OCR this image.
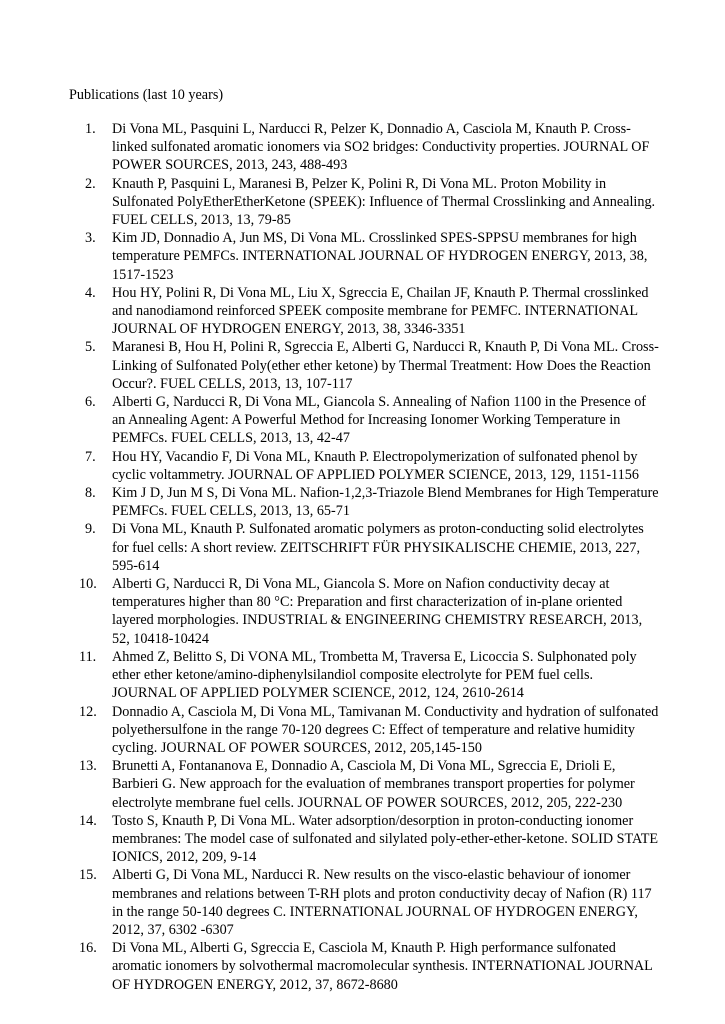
Publications (last 10 years)
1.	Di Vona ML, Pasquini L, Narducci R, Pelzer K, Donnadio A, Casciola M, Knauth P. Cross-linked sulfonated aromatic ionomers via SO2 bridges: Conductivity properties. JOURNAL OF POWER SOURCES, 2013, 243, 488-493
2.	Knauth P, Pasquini L, Maranesi B, Pelzer K, Polini R, Di Vona ML. Proton Mobility in Sulfonated PolyEtherEtherKetone (SPEEK): Influence of Thermal Crosslinking and Annealing. FUEL CELLS, 2013, 13, 79-85
3.	Kim JD, Donnadio A, Jun MS, Di Vona ML. Crosslinked SPES-SPPSU membranes for high temperature PEMFCs. INTERNATIONAL JOURNAL OF HYDROGEN ENERGY, 2013, 38, 1517-1523
4.	Hou HY, Polini R, Di Vona ML, Liu X, Sgreccia E, Chailan JF, Knauth P. Thermal crosslinked and nanodiamond reinforced SPEEK composite membrane for PEMFC. INTERNATIONAL JOURNAL OF HYDROGEN ENERGY, 2013, 38, 3346-3351
5.	Maranesi B, Hou H, Polini R, Sgreccia E, Alberti G, Narducci R, Knauth P, Di Vona ML. Cross-Linking of Sulfonated Poly(ether ether ketone) by Thermal Treatment: How Does the Reaction Occur?. FUEL CELLS, 2013, 13, 107-117
6.	Alberti G, Narducci R, Di Vona ML, Giancola S. Annealing of Nafion 1100 in the Presence of an Annealing Agent: A Powerful Method for Increasing Ionomer Working Temperature in PEMFCs. FUEL CELLS, 2013, 13, 42-47
7.	Hou HY, Vacandio F, Di Vona ML, Knauth P. Electropolymerization of sulfonated phenol by cyclic voltammetry. JOURNAL OF APPLIED POLYMER SCIENCE, 2013, 129, 1151-1156
8.	Kim J D, Jun M S, Di Vona ML. Nafion-1,2,3-Triazole Blend Membranes for High Temperature PEMFCs. FUEL CELLS, 2013, 13, 65-71
9.	Di Vona ML, Knauth P. Sulfonated aromatic polymers as proton-conducting solid electrolytes for fuel cells: A short review. ZEITSCHRIFT FÜR PHYSIKALISCHE CHEMIE, 2013, 227, 595-614
10.	Alberti G, Narducci R, Di Vona ML, Giancola S. More on Nafion conductivity decay at temperatures higher than 80 °C: Preparation and first characterization of in-plane oriented layered morphologies. INDUSTRIAL & ENGINEERING CHEMISTRY RESEARCH, 2013, 52, 10418-10424
11.	Ahmed Z, Belitto S, Di VONA ML, Trombetta M, Traversa E, Licoccia S. Sulphonated poly ether ether ketone/amino-diphenylsilandiol composite electrolyte for PEM fuel cells. JOURNAL OF APPLIED POLYMER SCIENCE, 2012, 124, 2610-2614
12.	Donnadio A, Casciola M, Di Vona ML, Tamivanan M. Conductivity and hydration of sulfonated polyethersulfone in the range 70-120 degrees C: Effect of temperature and relative humidity cycling. JOURNAL OF POWER SOURCES, 2012, 205,145-150
13.	Brunetti A, Fontananova E, Donnadio A, Casciola M, Di Vona ML, Sgreccia E, Drioli E, Barbieri G. New approach for the evaluation of membranes transport properties for polymer electrolyte membrane fuel cells. JOURNAL OF POWER SOURCES, 2012, 205, 222-230
14.	Tosto S, Knauth P, Di Vona ML. Water adsorption/desorption in proton-conducting ionomer membranes: The model case of sulfonated and silylated poly-ether-ether-ketone. SOLID STATE IONICS, 2012, 209, 9-14
15.	Alberti G, Di Vona ML, Narducci R. New results on the visco-elastic behaviour of ionomer membranes and relations between T-RH plots and proton conductivity decay of Nafion (R) 117 in the range 50-140 degrees C. INTERNATIONAL JOURNAL OF HYDROGEN ENERGY, 2012, 37, 6302 -6307
16.	Di Vona ML, Alberti G, Sgreccia E, Casciola M, Knauth P. High performance sulfonated aromatic ionomers by solvothermal macromolecular synthesis. INTERNATIONAL JOURNAL OF HYDROGEN ENERGY, 2012, 37, 8672-8680
